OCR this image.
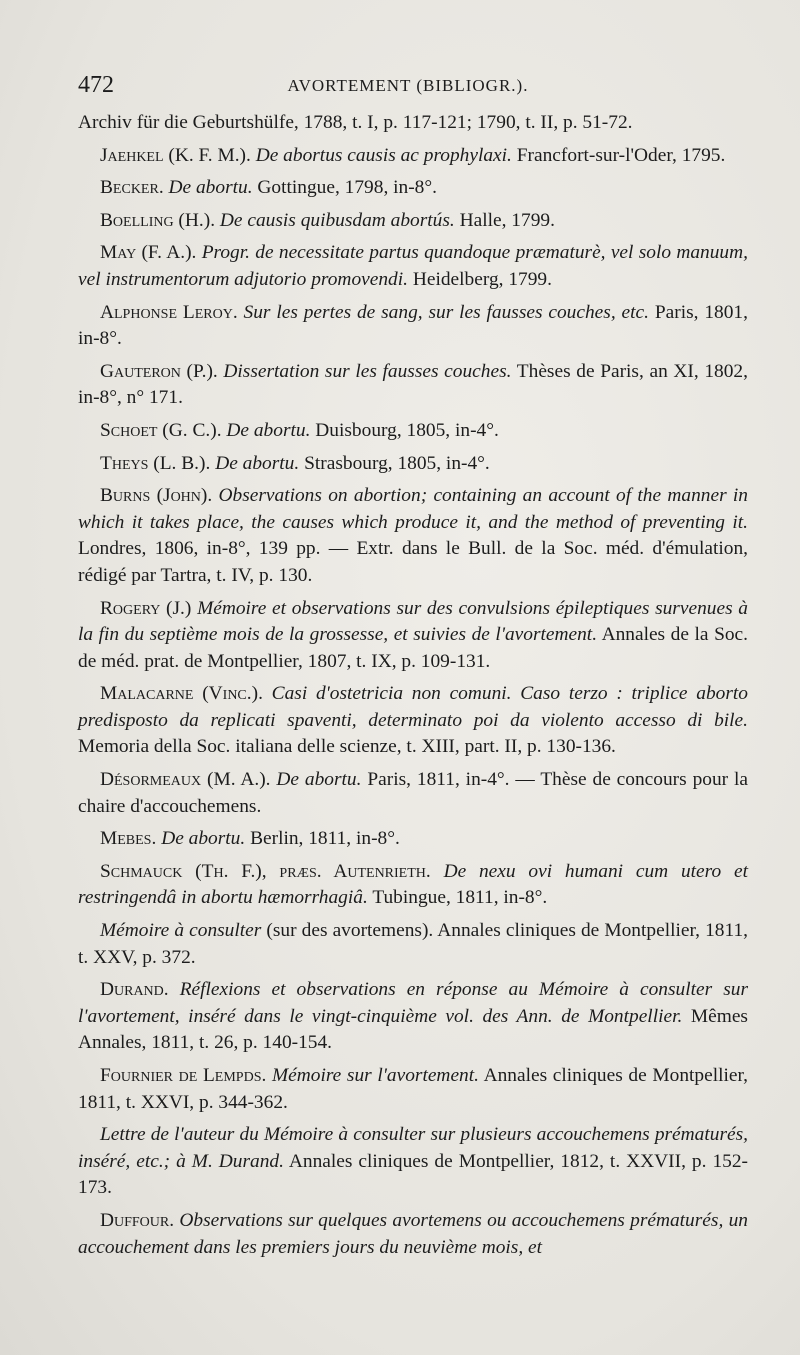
472	AVORTEMENT (BIBLIOGR.).

Archiv für die Geburtshülfe, 1788, t. I, p. 117-121; 1790, t. II, p. 51-72.

Jaehkel (K. F. M.). De abortus causis ac prophylaxi. Francfort-sur-l'Oder, 1795.

Becker. De abortu. Gottingue, 1798, in-8°.

Boelling (H.). De causis quibusdam abortús. Halle, 1799.

May (F. A.). Progr. de necessitate partus quandoque præmaturè, vel solo manuum, vel instrumentorum adjutorio promovendi. Heidelberg, 1799.

Alphonse Leroy. Sur les pertes de sang, sur les fausses couches, etc. Paris, 1801, in-8°.

Gauteron (P.). Dissertation sur les fausses couches. Thèses de Paris, an XI, 1802, in-8°, n° 171.

Schoet (G. C.). De abortu. Duisbourg, 1805, in-4°.

Theys (L. B.). De abortu. Strasbourg, 1805, in-4°.

Burns (John). Observations on abortion; containing an account of the manner in which it takes place, the causes which produce it, and the method of preventing it. Londres, 1806, in-8°, 139 pp. — Extr. dans le Bull. de la Soc. méd. d'émulation, rédigé par Tartra, t. IV, p. 130.

Rogery (J.) Mémoire et observations sur des convulsions épileptiques survenues à la fin du septième mois de la grossesse, et suivies de l'avortement. Annales de la Soc. de méd. prat. de Montpellier, 1807, t. IX, p. 109-131.

Malacarne (Vinc.). Casi d'ostetricia non comuni. Caso terzo : triplice aborto predisposto da replicati spaventi, determinato poi da violento accesso di bile. Memoria della Soc. italiana delle scienze, t. XIII, part. II, p. 130-136.

Désormeaux (M. A.). De abortu. Paris, 1811, in-4°. — Thèse de concours pour la chaire d'accouchemens.

Mebes. De abortu. Berlin, 1811, in-8°.

Schmauck (Th. F.), præs. Autenrieth. De nexu ovi humani cum utero et restringendâ in abortu hæmorrhagiâ. Tubingue, 1811, in-8°.

Mémoire à consulter (sur des avortemens). Annales cliniques de Montpellier, 1811, t. XXV, p. 372.

Durand. Réflexions et observations en réponse au Mémoire à consulter sur l'avortement, inséré dans le vingt-cinquième vol. des Ann. de Montpellier. Mêmes Annales, 1811, t. 26, p. 140-154.

Fournier de Lempds. Mémoire sur l'avortement. Annales cliniques de Montpellier, 1811, t. XXVI, p. 344-362.

Lettre de l'auteur du Mémoire à consulter sur plusieurs accouchemens prématurés, inséré, etc.; à M. Durand. Annales cliniques de Montpellier, 1812, t. XXVII, p. 152-173.

Duffour. Observations sur quelques avortemens ou accouchemens prématurés, un accouchement dans les premiers jours du neuvième mois, et
